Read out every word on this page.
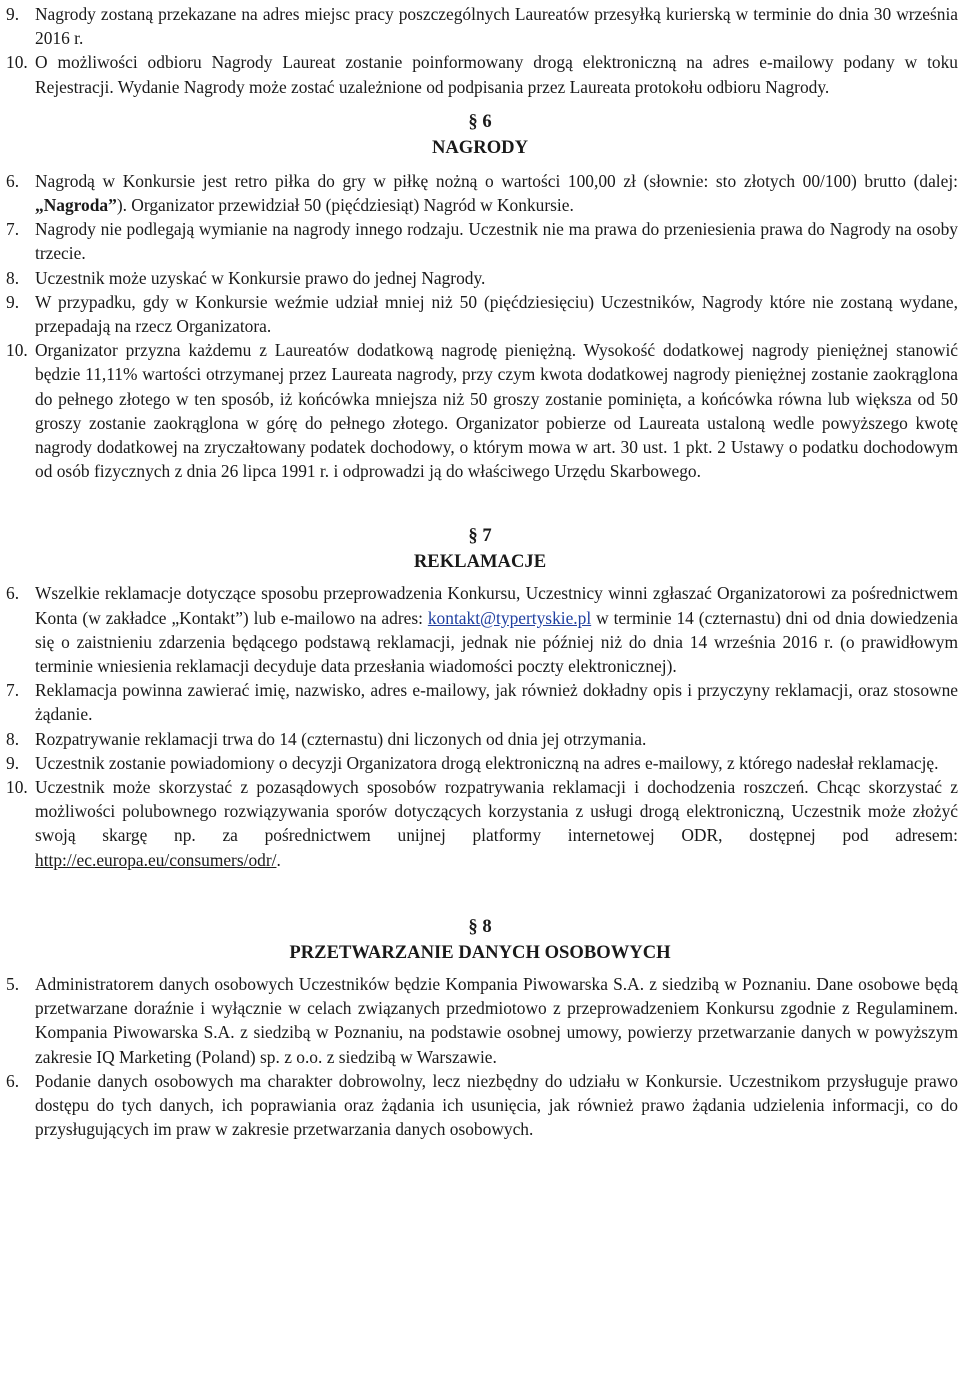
9. Nagrody zostaną przekazane na adres miejsc pracy poszczególnych Laureatów przesyłką kurierską w terminie do dnia 30 września 2016 r.
10. O możliwości odbioru Nagrody Laureat zostanie poinformowany drogą elektroniczną na adres e-mailowy podany w toku Rejestracji. Wydanie Nagrody może zostać uzależnione od podpisania przez Laureata protokołu odbioru Nagrody.
§ 6
NAGRODY
6. Nagrodą w Konkursie jest retro piłka do gry w piłkę nożną o wartości 100,00 zł (słownie: sto złotych 00/100) brutto (dalej: „Nagroda”). Organizator przewidział 50 (pięćdziesiąt) Nagród w Konkursie.
7. Nagrody nie podlegają wymianie na nagrody innego rodzaju. Uczestnik nie ma prawa do przeniesienia prawa do Nagrody na osoby trzecie.
8. Uczestnik może uzyskać w Konkursie prawo do jednej Nagrody.
9. W przypadku, gdy w Konkursie weźmie udział mniej niż 50 (pięćdziesięciu) Uczestników, Nagrody które nie zostaną wydane, przepadają na rzecz Organizatora.
10. Organizator przyzna każdemu z Laureatów dodatkową nagrodę pieniężną. Wysokość dodatkowej nagrody pieniężnej stanowić będzie 11,11% wartości otrzymanej przez Laureata nagrody, przy czym kwota dodatkowej nagrody pieniężnej zostanie zaokrąglona do pełnego złotego w ten sposób, iż końcówka mniejsza niż 50 groszy zostanie pominięta, a końcówka równa lub większa od 50 groszy zostanie zaokrąglona w górę do pełnego złotego. Organizator pobierze od Laureata ustaloną wedle powyższego kwotę nagrody dodatkowej na zryczałtowany podatek dochodowy, o którym mowa w art. 30 ust. 1 pkt. 2 Ustawy o podatku dochodowym od osób fizycznych z dnia 26 lipca 1991 r. i odprowadzi ją do właściwego Urzędu Skarbowego.
§ 7
REKLAMACJE
6. Wszelkie reklamacje dotyczące sposobu przeprowadzenia Konkursu, Uczestnicy winni zgłaszać Organizatorowi za pośrednictwem Konta (w zakładce „Kontakt”) lub e-mailowo na adres: kontakt@typertyskie.pl w terminie 14 (czternastu) dni od dnia dowiedzenia się o zaistnieniu zdarzenia będącego podstawą reklamacji, jednak nie później niż do dnia 14 września 2016 r. (o prawidłowym terminie wniesienia reklamacji decyduje data przesłania wiadomości poczty elektronicznej).
7. Reklamacja powinna zawierać imię, nazwisko, adres e-mailowy, jak również dokładny opis i przyczyny reklamacji, oraz stosowne żądanie.
8. Rozpatrywanie reklamacji trwa do 14 (czternastu) dni liczonych od dnia jej otrzymania.
9. Uczestnik zostanie powiadomiony o decyzji Organizatora drogą elektroniczną na adres e-mailowy, z którego nadesłał reklamację.
10. Uczestnik może skorzystać z pozasądowych sposobów rozpatrywania reklamacji i dochodzenia roszczeń. Chcąc skorzystać z możliwości polubownego rozwiązywania sporów dotyczących korzystania z usługi drogą elektroniczną, Uczestnik może złożyć swoją skargę np. za pośrednictwem unijnej platformy internetowej ODR, dostępnej pod adresem: http://ec.europa.eu/consumers/odr/.
§ 8
PRZETWARZANIE DANYCH OSOBOWYCH
5. Administratorem danych osobowych Uczestników będzie Kompania Piwowarska S.A. z siedzibą w Poznaniu. Dane osobowe będą przetwarzane doraźnie i wyłącznie w celach związanych przedmiotowo z przeprowadzeniem Konkursu zgodnie z Regulaminem. Kompania Piwowarska S.A. z siedzibą w Poznaniu, na podstawie osobnej umowy, powierzy przetwarzanie danych w powyższym zakresie IQ Marketing (Poland) sp. z o.o. z siedzibą w Warszawie.
6. Podanie danych osobowych ma charakter dobrowolny, lecz niezbędny do udziału w Konkursie. Uczestnikom przysługuje prawo dostępu do tych danych, ich poprawiania oraz żądania ich usunięcia, jak również prawo żądania udzielenia informacji, co do przysługujących im praw w zakresie przetwarzania danych osobowych.
